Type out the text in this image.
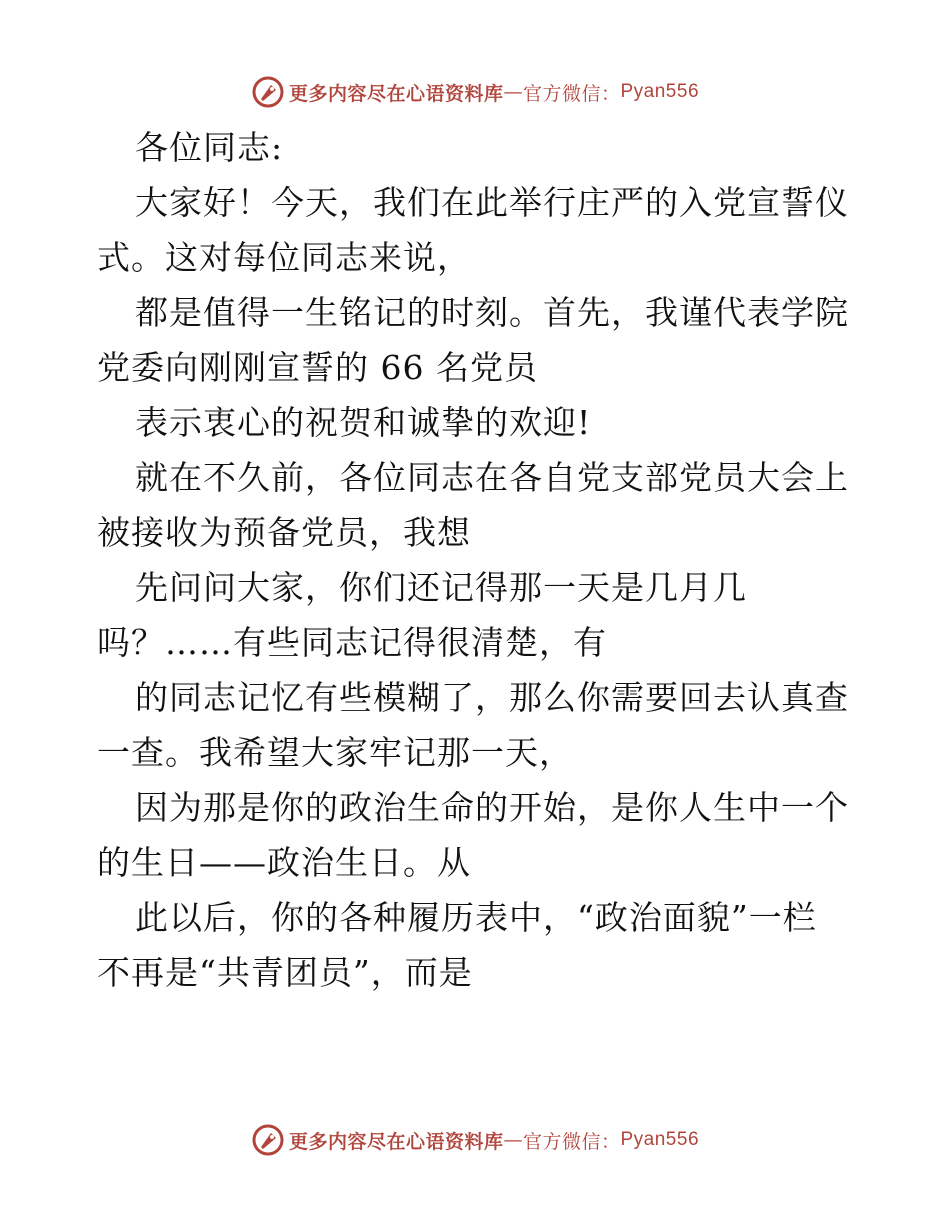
更多内容尽在心语资料库 — 官方微信： Pyan556
各位同志:
大家好！今天，我们在此举行庄严的入党宣誓仪
式。这对每位同志来说，
都是值得一生铭记的时刻。首先，我谨代表学院
党委向刚刚宣誓的 66 名党员
表示衷心的祝贺和诚挚的欢迎!
就在不久前，各位同志在各自党支部党员大会上
被接收为预备党员，我想
先问问大家，你们还记得那一天是几月几
吗？……有些同志记得很清楚，有
的同志记忆有些模糊了，那么你需要回去认真查
一查。我希望大家牢记那一天，
因为那是你的政治生命的开始，是你人生中一个
的生日——政治生日。从
此以后，你的各种履历表中，“政治面貌”一栏
不再是“共青团员”，而是
更多内容尽在心语资料库 — 官方微信： Pyan556
